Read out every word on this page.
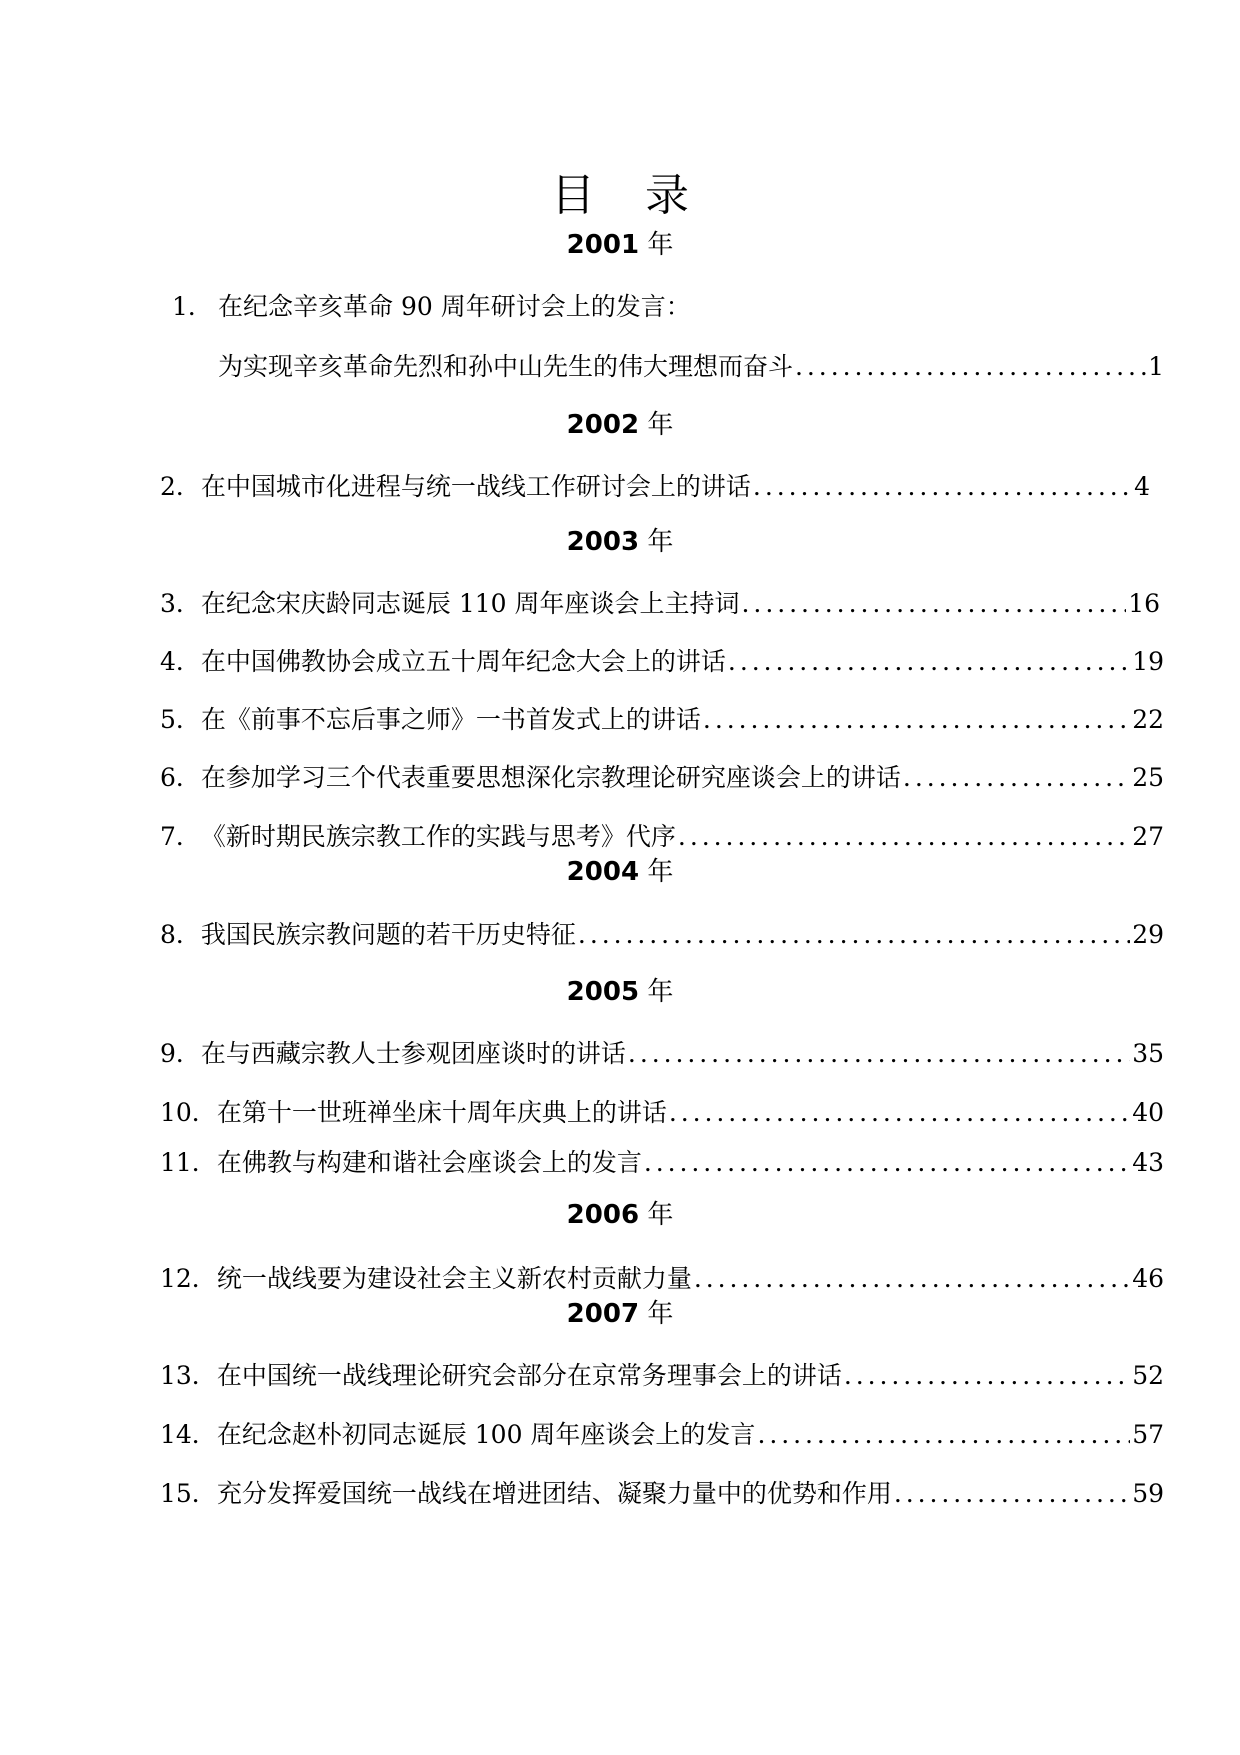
目 录
2001 年
1． 在纪念辛亥革命 90 周年研讨会上的发言：
为实现辛亥革命先烈和孙中山先生的伟大理想而奋斗 . . .	1
2002 年
2． 在中国城市化进程与统一战线工作研讨会上的讲话 . . .	4
2003 年
3． 在纪念宋庆龄同志诞辰 110 周年座谈会上主持词 . . .	16
4． 在中国佛教协会成立五十周年纪念大会上的讲话 . . .	19
5． 在《前事不忘后事之师》一书首发式上的讲话 . . .	22
6． 在参加学习三个代表重要思想深化宗教理论研究座谈会上的讲话 . . .	25
7． 《新时期民族宗教工作的实践与思考》代序 . . .	27
2004 年
8． 我国民族宗教问题的若干历史特征 . . .	29
2005 年
9． 在与西藏宗教人士参观团座谈时的讲话 . . .	35
10． 在第十一世班禅坐床十周年庆典上的讲话 . . .	40
11． 在佛教与构建和谐社会座谈会上的发言 . . .	43
2006 年
12． 统一战线要为建设社会主义新农村贡献力量 . . .	46
2007 年
13． 在中国统一战线理论研究会部分在京常务理事会上的讲话 . . .	52
14． 在纪念赵朴初同志诞辰 100 周年座谈会上的发言 . . .	57
15． 充分发挥爱国统一战线在增进团结、凝聚力量中的优势和作用 . . .	59
